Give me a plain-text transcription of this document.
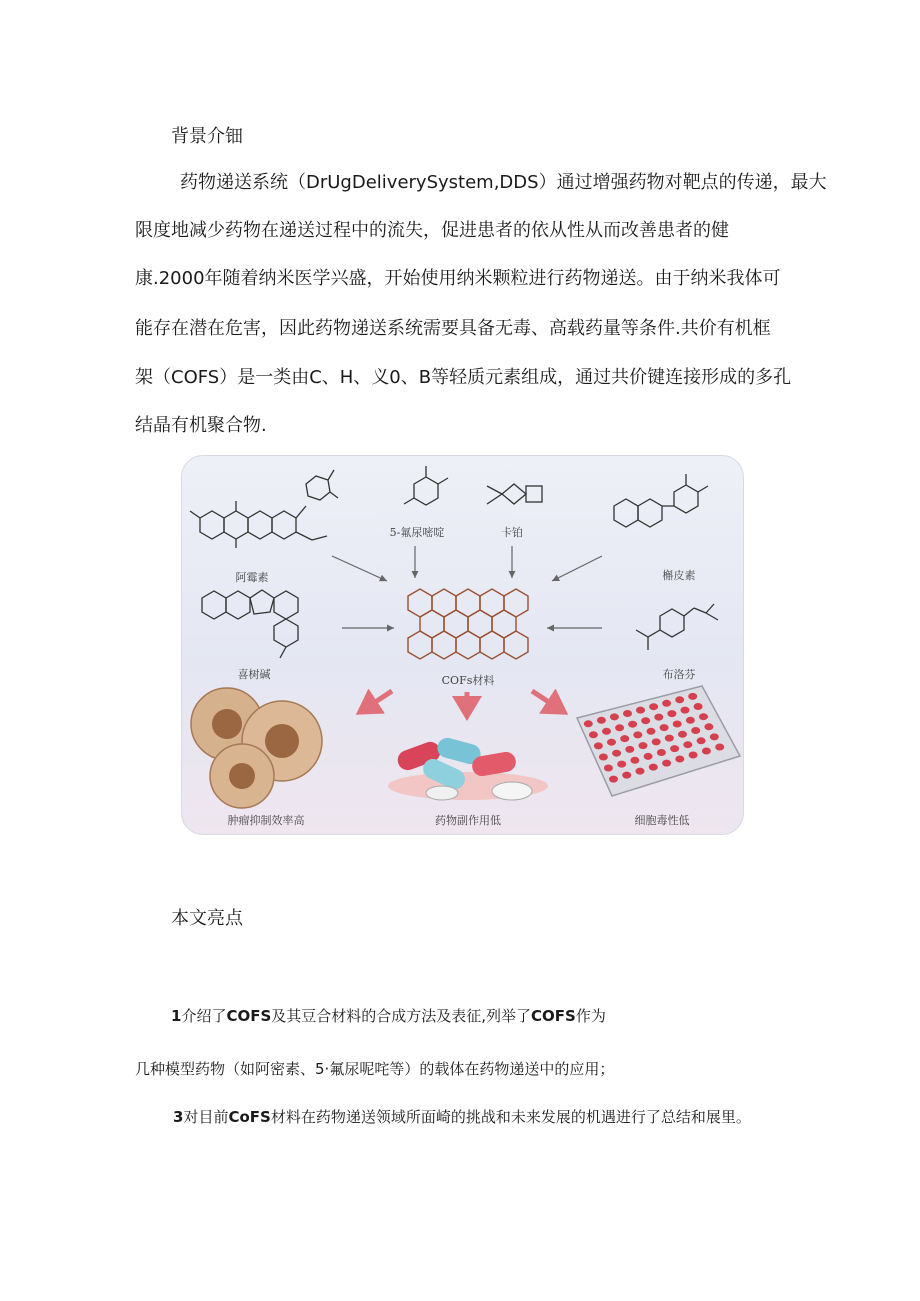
背景介钿
药物递送系统（DrUgDeliverySystem,DDS）通过增强药物对靶点的传递，最大
限度地减少药物在递送过程中的流失，促进患者的依从性从而改善患者的健
康.2000年随着纳米医学兴盛，开始使用纳米颗粒进行药物递送。由于纳米我体可
能存在潜在危害，因此药物递送系统需要具备无毒、高载药量等条件.共价有机框
架（COFS）是一类由C、H、义0、B等轻质元素组成，通过共价键连接形成的多孔
结晶有机聚合物.
阿霉素
5-氟尿嘧啶	卡铂
槲皮素
喜树碱	布洛芬
COFs材料
肿瘤抑制效率高	药物副作用低	细胞毒性低
本文亮点
1介绍了COFS及其豆合材料的合成方法及表征,列举了COFS作为
几种模型药物（如阿密素、5·氟尿呢咤等）的载体在药物递送中的应用；
3对目前CoFS材料在药物递送领域所面崎的挑战和未来发展的机遇进行了总结和展里。
